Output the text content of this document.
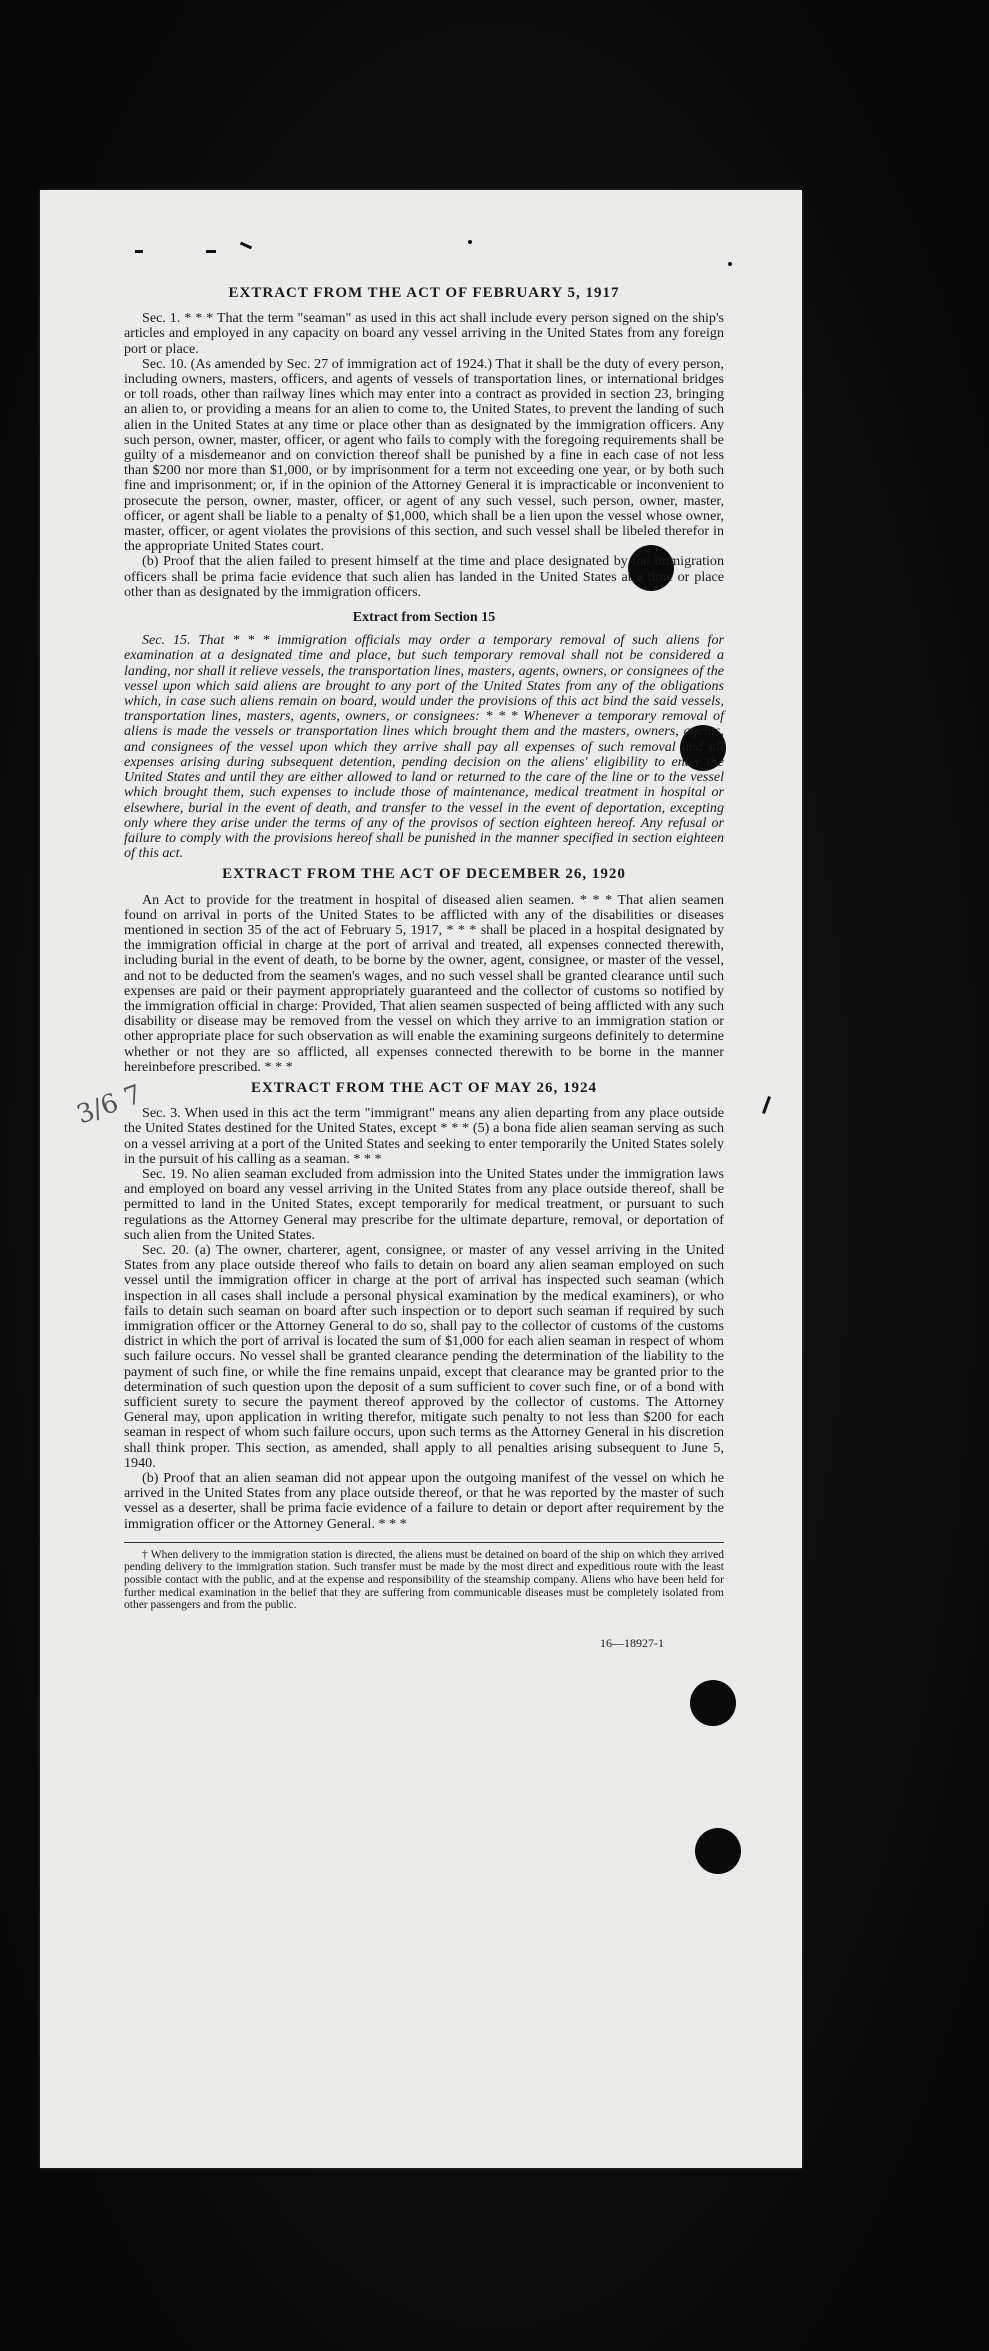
3/6 7
EXTRACT FROM THE ACT OF FEBRUARY 5, 1917

Sec. 1. * * * That the term "seaman" as used in this act shall include every person signed on the ship's articles and employed in any capacity on board any vessel arriving in the United States from any foreign port or place.

Sec. 10. (As amended by Sec. 27 of immigration act of 1924.) That it shall be the duty of every person, including owners, masters, officers, and agents of vessels of transportation lines, or international bridges or toll roads, other than railway lines which may enter into a contract as provided in section 23, bringing an alien to, or providing a means for an alien to come to, the United States, to prevent the landing of such alien in the United States at any time or place other than as designated by the immigration officers. Any such person, owner, master, officer, or agent who fails to comply with the foregoing requirements shall be guilty of a misdemeanor and on conviction thereof shall be punished by a fine in each case of not less than $200 nor more than $1,000, or by imprisonment for a term not exceeding one year, or by both such fine and imprisonment; or, if in the opinion of the Attorney General it is impracticable or inconvenient to prosecute the person, owner, master, officer, or agent of any such vessel, such person, owner, master, officer, or agent shall be liable to a penalty of $1,000, which shall be a lien upon the vessel whose owner, master, officer, or agent violates the provisions of this section, and such vessel shall be libeled therefor in the appropriate United States court.

(b) Proof that the alien failed to present himself at the time and place designated by the immigration officers shall be prima facie evidence that such alien has landed in the United States at a time or place other than as designated by the immigration officers.

Extract from Section 15

Sec. 15. That * * * immigration officials may order a temporary removal of such aliens for examination at a designated time and place, but such temporary removal shall not be considered a landing, nor shall it relieve vessels, the transportation lines, masters, agents, owners, or consignees of the vessel upon which said aliens are brought to any port of the United States from any of the obligations which, in case such aliens remain on board, would under the provisions of this act bind the said vessels, transportation lines, masters, agents, owners, or consignees: * * * Whenever a temporary removal of aliens is made the vessels or transportation lines which brought them and the masters, owners, agents, and consignees of the vessel upon which they arrive shall pay all expenses of such removal and all expenses arising during subsequent detention, pending decision on the aliens' eligibility to enter the United States and until they are either allowed to land or returned to the care of the line or to the vessel which brought them, such expenses to include those of maintenance, medical treatment in hospital or elsewhere, burial in the event of death, and transfer to the vessel in the event of deportation, excepting only where they arise under the terms of any of the provisos of section eighteen hereof. Any refusal or failure to comply with the provisions hereof shall be punished in the manner specified in section eighteen of this act.

EXTRACT FROM THE ACT OF DECEMBER 26, 1920

An Act to provide for the treatment in hospital of diseased alien seamen. * * * That alien seamen found on arrival in ports of the United States to be afflicted with any of the disabilities or diseases mentioned in section 35 of the act of February 5, 1917, * * * shall be placed in a hospital designated by the immigration official in charge at the port of arrival and treated, all expenses connected therewith, including burial in the event of death, to be borne by the owner, agent, consignee, or master of the vessel, and not to be deducted from the seamen's wages, and no such vessel shall be granted clearance until such expenses are paid or their payment appropriately guaranteed and the collector of customs so notified by the immigration official in charge: Provided, That alien seamen suspected of being afflicted with any such disability or disease may be removed from the vessel on which they arrive to an immigration station or other appropriate place for such observation as will enable the examining surgeons definitely to determine whether or not they are so afflicted, all expenses connected therewith to be borne in the manner hereinbefore prescribed. * * *

EXTRACT FROM THE ACT OF MAY 26, 1924

Sec. 3. When used in this act the term "immigrant" means any alien departing from any place outside the United States destined for the United States, except * * * (5) a bona fide alien seaman serving as such on a vessel arriving at a port of the United States and seeking to enter temporarily the United States solely in the pursuit of his calling as a seaman. * * *

Sec. 19. No alien seaman excluded from admission into the United States under the immigration laws and employed on board any vessel arriving in the United States from any place outside thereof, shall be permitted to land in the United States, except temporarily for medical treatment, or pursuant to such regulations as the Attorney General may prescribe for the ultimate departure, removal, or deportation of such alien from the United States.

Sec. 20. (a) The owner, charterer, agent, consignee, or master of any vessel arriving in the United States from any place outside thereof who fails to detain on board any alien seaman employed on such vessel until the immigration officer in charge at the port of arrival has inspected such seaman (which inspection in all cases shall include a personal physical examination by the medical examiners), or who fails to detain such seaman on board after such inspection or to deport such seaman if required by such immigration officer or the Attorney General to do so, shall pay to the collector of customs of the customs district in which the port of arrival is located the sum of $1,000 for each alien seaman in respect of whom such failure occurs. No vessel shall be granted clearance pending the determination of the liability to the payment of such fine, or while the fine remains unpaid, except that clearance may be granted prior to the determination of such question upon the deposit of a sum sufficient to cover such fine, or of a bond with sufficient surety to secure the payment thereof approved by the collector of customs. The Attorney General may, upon application in writing therefor, mitigate such penalty to not less than $200 for each seaman in respect of whom such failure occurs, upon such terms as the Attorney General in his discretion shall think proper. This section, as amended, shall apply to all penalties arising subsequent to June 5, 1940.

(b) Proof that an alien seaman did not appear upon the outgoing manifest of the vessel on which he arrived in the United States from any place outside thereof, or that he was reported by the master of such vessel as a deserter, shall be prima facie evidence of a failure to detain or deport after requirement by the immigration officer or the Attorney General. * * *

† When delivery to the immigration station is directed, the aliens must be detained on board of the ship on which they arrived pending delivery to the immigration station. Such transfer must be made by the most direct and expeditious route with the least possible contact with the public, and at the expense and responsibility of the steamship company. Aliens who have been held for further medical examination in the belief that they are suffering from communicable diseases must be completely isolated from other passengers and from the public.

16—18927-1
